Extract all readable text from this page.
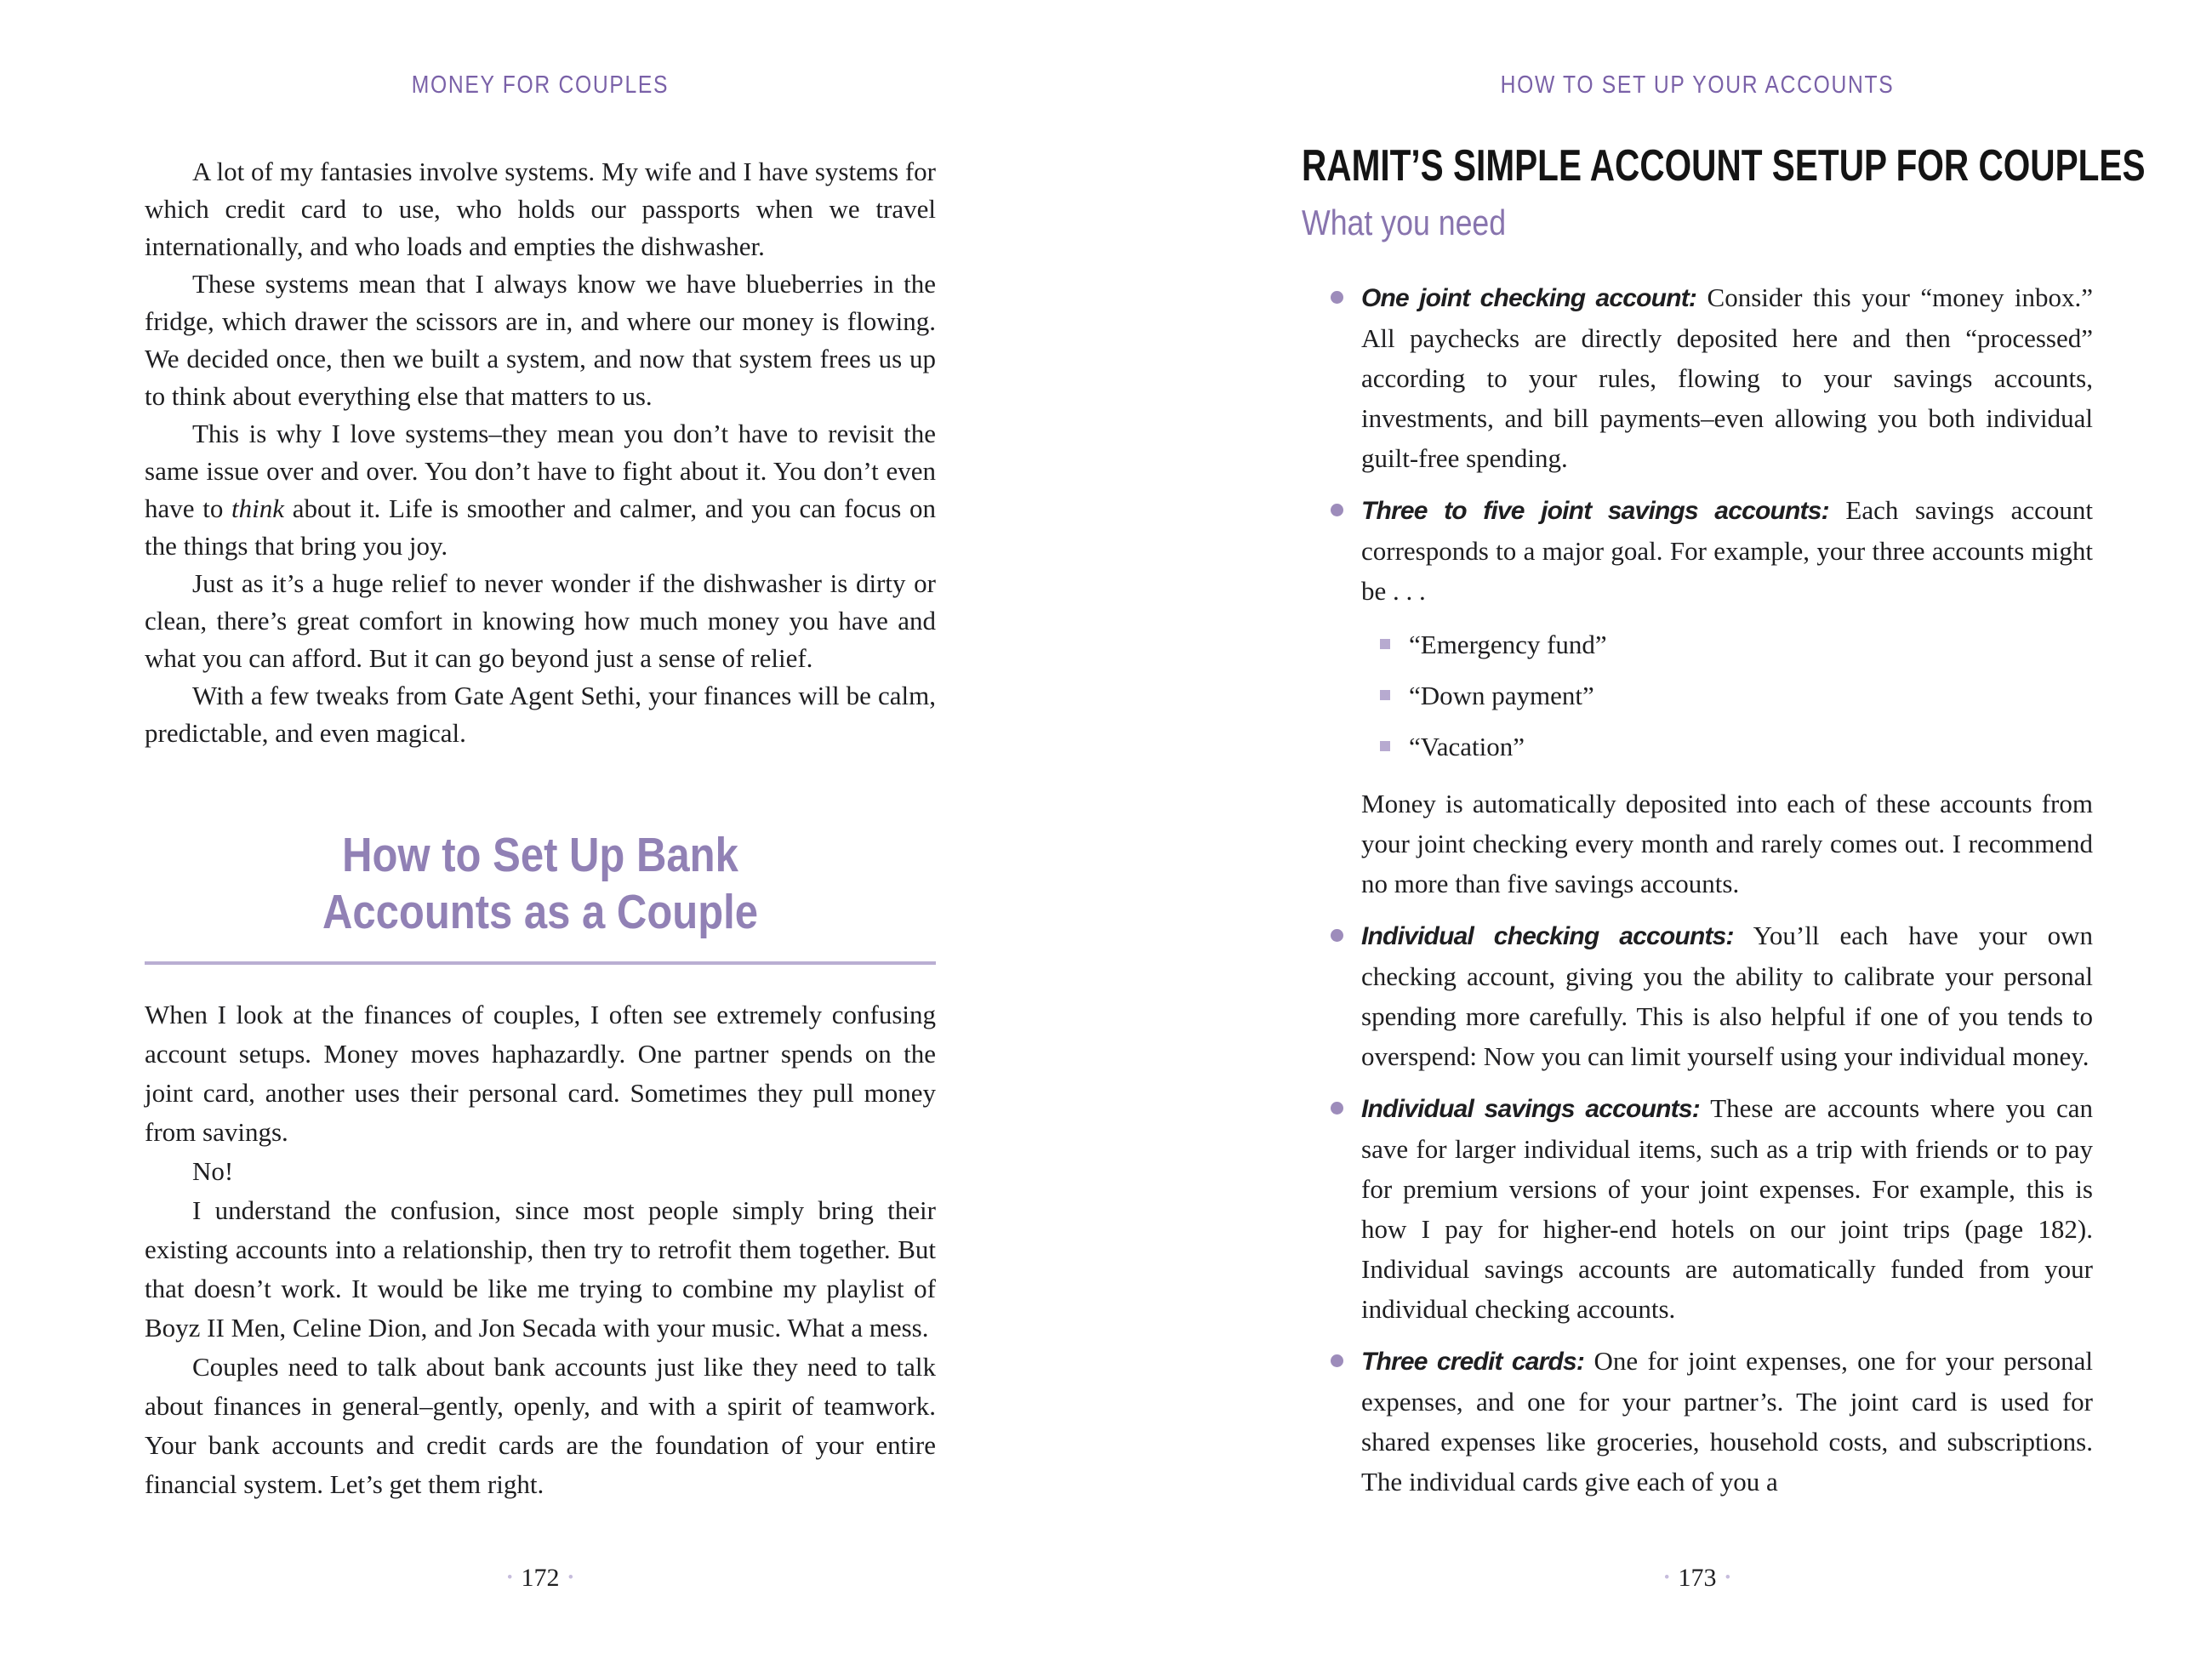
MONEY FOR COUPLES

A lot of my fantasies involve systems. My wife and I have systems for which credit card to use, who holds our passports when we travel internationally, and who loads and empties the dishwasher.

These systems mean that I always know we have blueberries in the fridge, which drawer the scissors are in, and where our money is flowing. We decided once, then we built a system, and now that system frees us up to think about everything else that matters to us.

This is why I love systems–they mean you don’t have to revisit the same issue over and over. You don’t have to fight about it. You don’t even have to think about it. Life is smoother and calmer, and you can focus on the things that bring you joy.

Just as it’s a huge relief to never wonder if the dishwasher is dirty or clean, there’s great comfort in knowing how much money you have and what you can afford. But it can go beyond just a sense of relief.

With a few tweaks from Gate Agent Sethi, your finances will be calm, predictable, and even magical.

How to Set Up Bank
Accounts as a Couple

When I look at the finances of couples, I often see extremely confusing account setups. Money moves haphazardly. One partner spends on the joint card, another uses their personal card. Sometimes they pull money from savings.

No!

I understand the confusion, since most people simply bring their existing accounts into a relationship, then try to retrofit them together. But that doesn’t work. It would be like me trying to combine my playlist of Boyz II Men, Celine Dion, and Jon Secada with your music. What a mess.

Couples need to talk about bank accounts just like they need to talk about finances in general–gently, openly, and with a spirit of teamwork. Your bank accounts and credit cards are the foundation of your entire financial system. Let’s get them right.

• 172 •
HOW TO SET UP YOUR ACCOUNTS
RAMIT’S SIMPLE ACCOUNT SETUP FOR COUPLES
What you need

One joint checking account: Consider this your “money inbox.” All paychecks are directly deposited here and then “processed” according to your rules, flowing to your savings accounts, investments, and bill payments–even allowing you both individual guilt-free spending.

Three to five joint savings accounts: Each savings account corresponds to a major goal. For example, your three accounts might be . . .

“Emergency fund”
“Down payment”
“Vacation”

Money is automatically deposited into each of these accounts from your joint checking every month and rarely comes out. I recommend no more than five savings accounts.

Individual checking accounts: You’ll each have your own checking account, giving you the ability to calibrate your personal spending more carefully. This is also helpful if one of you tends to overspend: Now you can limit yourself using your individual money.

Individual savings accounts: These are accounts where you can save for larger individual items, such as a trip with friends or to pay for premium versions of your joint expenses. For example, this is how I pay for higher-end hotels on our joint trips (page 182). Individual savings accounts are automatically funded from your individual checking accounts.

Three credit cards: One for joint expenses, one for your personal expenses, and one for your partner’s. The joint card is used for shared expenses like groceries, household costs, and subscriptions. The individual cards give each of you a

• 173 •
